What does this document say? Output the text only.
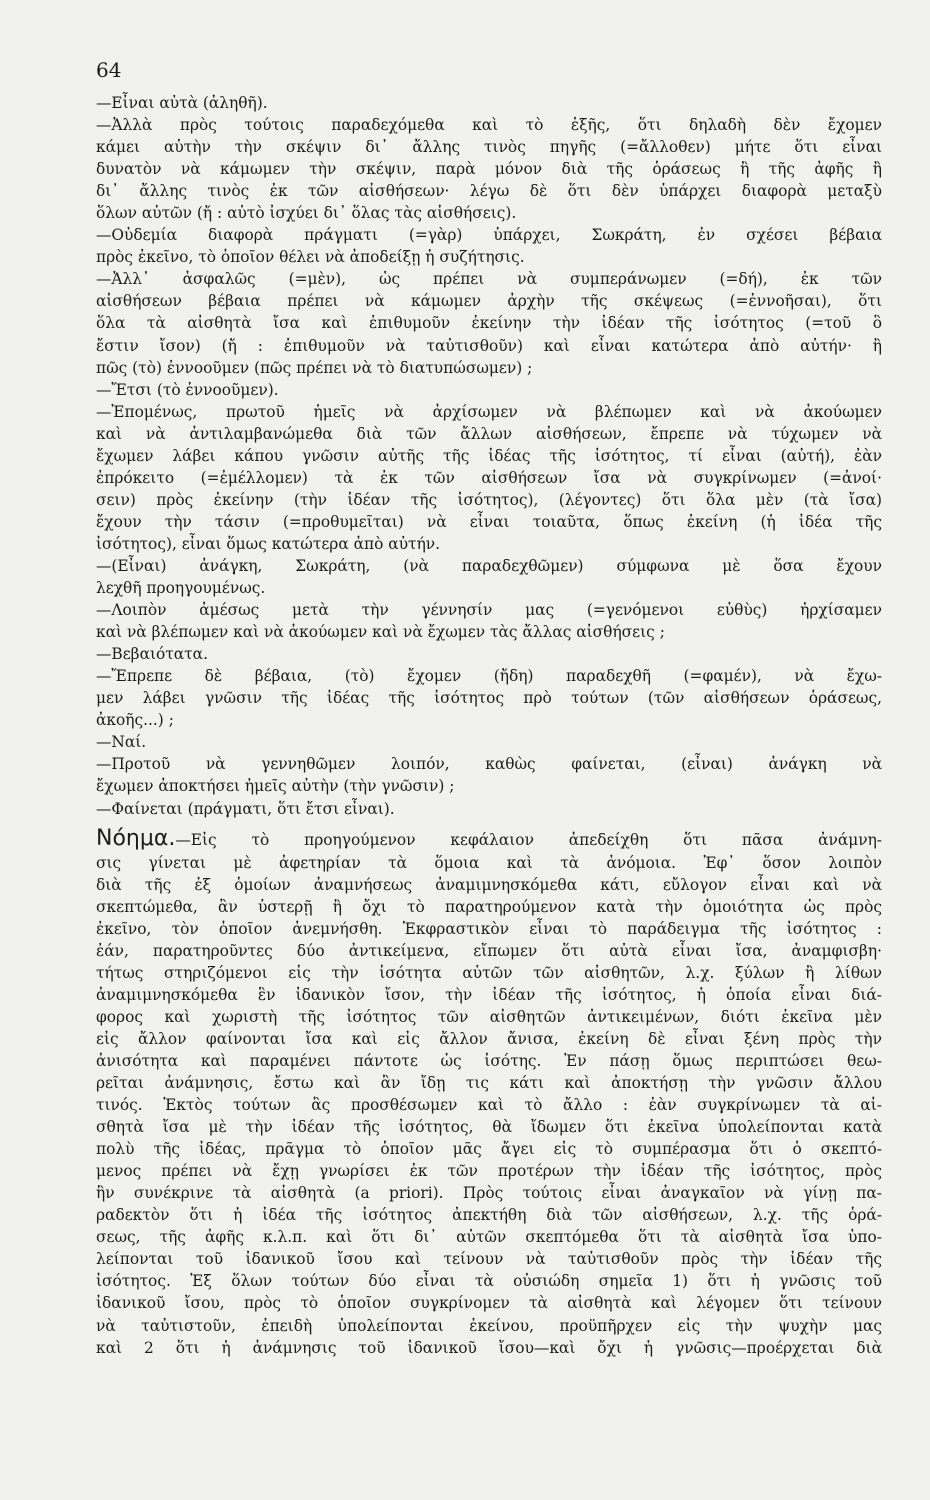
64
—Εἶναι αὐτὰ (ἀληθῆ).
—Ἀλλὰ πρὸς τούτοις παραδεχόμεθα καὶ τὸ ἑξῆς, ὅτι δηλαδὴ δὲν ἔχομεν
κάμει αὐτὴν τὴν σκέψιν δι᾽ ἄλλης τινὸς πηγῆς (=ἄλλοθεν) μήτε ὅτι εἶναι
δυνατὸν νὰ κάμωμεν τὴν σκέψιν, παρὰ μόνον διὰ τῆς ὁράσεως ἢ τῆς ἀφῆς ἢ
δι᾽ ἄλλης τινὸς ἐκ τῶν αἰσθήσεων· λέγω δὲ ὅτι δὲν ὑπάρχει διαφορὰ μεταξὺ
ὅλων αὐτῶν (ἤ : αὐτὸ ἰσχύει δι᾽ ὅλας τὰς αἰσθήσεις).
—Οὐδεμία διαφορὰ πράγματι (=γὰρ) ὑπάρχει, Σωκράτη, ἐν σχέσει βέβαια
πρὸς ἐκεῖνο, τὸ ὁποῖον θέλει νὰ ἀποδείξῃ ἡ συζήτησις.
—Ἀλλ᾽ ἀσφαλῶς (=μὲν), ὡς πρέπει νὰ συμπεράνωμεν (=δή), ἐκ τῶν
αἰσθήσεων βέβαια πρέπει νὰ κάμωμεν ἀρχὴν τῆς σκέψεως (=ἐννοῆσαι), ὅτι
ὅλα τὰ αἰσθητὰ ἴσα καὶ ἐπιθυμοῦν ἐκείνην τὴν ἰδέαν τῆς ἰσότητος (=τοῦ ὃ
ἔστιν ἴσον) (ἤ : ἐπιθυμοῦν νὰ ταὐτισθοῦν) καὶ εἶναι κατώτερα ἀπὸ αὐτήν· ἢ
πῶς (τὸ) ἐννοοῦμεν (πῶς πρέπει νὰ τὸ διατυπώσωμεν) ;
—Ἔτσι (τὸ ἐννοοῦμεν).
—Ἐπομένως, πρωτοῦ ἡμεῖς νὰ ἀρχίσωμεν νὰ βλέπωμεν καὶ νὰ ἀκούωμεν
καὶ νὰ ἀντιλαμβανώμεθα διὰ τῶν ἄλλων αἰσθήσεων, ἔπρεπε νὰ τύχωμεν νὰ
ἔχωμεν λάβει κάπου γνῶσιν αὐτῆς τῆς ἰδέας τῆς ἰσότητος, τί εἶναι (αὐτή), ἐὰν
ἐπρόκειτο (=ἐμέλλομεν) τὰ ἐκ τῶν αἰσθήσεων ἴσα νὰ συγκρίνωμεν (=ἀνοί·
σειν) πρὸς ἐκείνην (τὴν ἰδέαν τῆς ἰσότητος), (λέγοντες) ὅτι ὅλα μὲν (τὰ ἴσα)
ἔχουν τὴν τάσιν (=προθυμεῖται) νὰ εἶναι τοιαῦτα, ὅπως ἐκείνη (ἡ ἰδέα τῆς
ἰσότητος), εἶναι ὅμως κατώτερα ἀπὸ αὐτήν.
—(Εἶναι) ἀνάγκη, Σωκράτη, (νὰ παραδεχθῶμεν) σύμφωνα μὲ ὅσα ἔχουν
λεχθῆ προηγουμένως.
—Λοιπὸν ἀμέσως μετὰ τὴν γέννησίν μας (=γενόμενοι εὐθὺς) ἠρχίσαμεν
καὶ νὰ βλέπωμεν καὶ νὰ ἀκούωμεν καὶ νὰ ἔχωμεν τὰς ἄλλας αἰσθήσεις ;
—Βεβαιότατα.
—Ἔπρεπε δὲ βέβαια, (τὸ) ἔχομεν (ἤδη) παραδεχθῆ (=φαμέν), νὰ ἔχω-
μεν λάβει γνῶσιν τῆς ἰδέας τῆς ἰσότητος πρὸ τούτων (τῶν αἰσθήσεων ὁράσεως,
ἀκοῆς...) ;
—Ναί.
—Προτοῦ νὰ γεννηθῶμεν λοιπόν, καθὼς φαίνεται, (εἶναι) ἀνάγκη νὰ
ἔχωμεν ἀποκτήσει ἡμεῖς αὐτὴν (τὴν γνῶσιν) ;
—Φαίνεται (πράγματι, ὅτι ἔτσι εἶναι).
Νόημα.—Εἰς τὸ προηγούμενον κεφάλαιον ἀπεδείχθη ὅτι πᾶσα ἀνάμνη-
σις γίνεται μὲ ἀφετηρίαν τὰ ὅμοια καὶ τὰ ἀνόμοια. Ἐφ᾽ ὅσον λοιπὸν
διὰ τῆς ἐξ ὁμοίων ἀναμνήσεως ἀναμιμνησκόμεθα κάτι, εὔλογον εἶναι καὶ νὰ
σκεπτώμεθα, ἂν ὑστερῇ ἢ ὄχι τὸ παρατηρούμενον κατὰ τὴν ὁμοιότητα ὡς πρὸς
ἐκεῖνο, τὸν ὁποῖον ἀνεμνήσθη. Ἐκφραστικὸν εἶναι τὸ παράδειγμα τῆς ἰσότητος :
ἐάν, παρατηροῦντες δύο ἀντικείμενα, εἴπωμεν ὅτι αὐτὰ εἶναι ἴσα, ἀναμφισβη·
τήτως στηριζόμενοι εἰς τὴν ἰσότητα αὐτῶν τῶν αἰσθητῶν, λ.χ. ξύλων ἢ λίθων
ἀναμιμνησκόμεθα ἓν ἰδανικὸν ἴσον, τὴν ἰδέαν τῆς ἰσότητος, ἡ ὁποία εἶναι διά-
φορος καὶ χωριστὴ τῆς ἰσότητος τῶν αἰσθητῶν ἀντικειμένων, διότι ἐκεῖνα μὲν
εἰς ἄλλον φαίνονται ἴσα καὶ εἰς ἄλλον ἄνισα, ἐκείνη δὲ εἶναι ξένη πρὸς τὴν
ἀνισότητα καὶ παραμένει πάντοτε ὡς ἰσότης. Ἐν πάσῃ ὅμως περιπτώσει θεω-
ρεῖται ἀνάμνησις, ἔστω καὶ ἂν ἴδῃ τις κάτι καὶ ἀποκτήσῃ τὴν γνῶσιν ἄλλου
τινός. Ἐκτὸς τούτων ἂς προσθέσωμεν καὶ τὸ ἄλλο : ἐὰν συγκρίνωμεν τὰ αἰ-
σθητὰ ἴσα μὲ τὴν ἰδέαν τῆς ἰσότητος, θὰ ἴδωμεν ὅτι ἐκεῖνα ὑπολείπονται κατὰ
πολὺ τῆς ἰδέας, πρᾶγμα τὸ ὁποῖον μᾶς ἄγει εἰς τὸ συμπέρασμα ὅτι ὁ σκεπτό-
μενος πρέπει νὰ ἔχῃ γνωρίσει ἐκ τῶν προτέρων τὴν ἰδέαν τῆς ἰσότητος, πρὸς
ἣν συνέκρινε τὰ αἰσθητὰ (a priori). Πρὸς τούτοις εἶναι ἀναγκαῖον νὰ γίνῃ πα-
ραδεκτὸν ὅτι ἡ ἰδέα τῆς ἰσότητος ἀπεκτήθη διὰ τῶν αἰσθήσεων, λ.χ. τῆς ὁρά-
σεως, τῆς ἀφῆς κ.λ.π. καὶ ὅτι δι᾽ αὐτῶν σκεπτόμεθα ὅτι τὰ αἰσθητὰ ἴσα ὑπο-
λείπονται τοῦ ἰδανικοῦ ἴσου καὶ τείνουν νὰ ταὐτισθοῦν πρὸς τὴν ἰδέαν τῆς
ἰσότητος. Ἐξ ὅλων τούτων δύο εἶναι τὰ οὐσιώδη σημεῖα 1) ὅτι ἡ γνῶσις τοῦ
ἰδανικοῦ ἴσου, πρὸς τὸ ὁποῖον συγκρίνομεν τὰ αἰσθητὰ καὶ λέγομεν ὅτι τείνουν
νὰ ταὐτιστοῦν, ἐπειδὴ ὑπολείπονται ἐκείνου, προϋπῆρχεν εἰς τὴν ψυχὴν μας
καὶ 2 ὅτι ἡ ἀνάμνησις τοῦ ἰδανικοῦ ἴσου—καὶ ὄχι ἡ γνῶσις—προέρχεται διὰ
